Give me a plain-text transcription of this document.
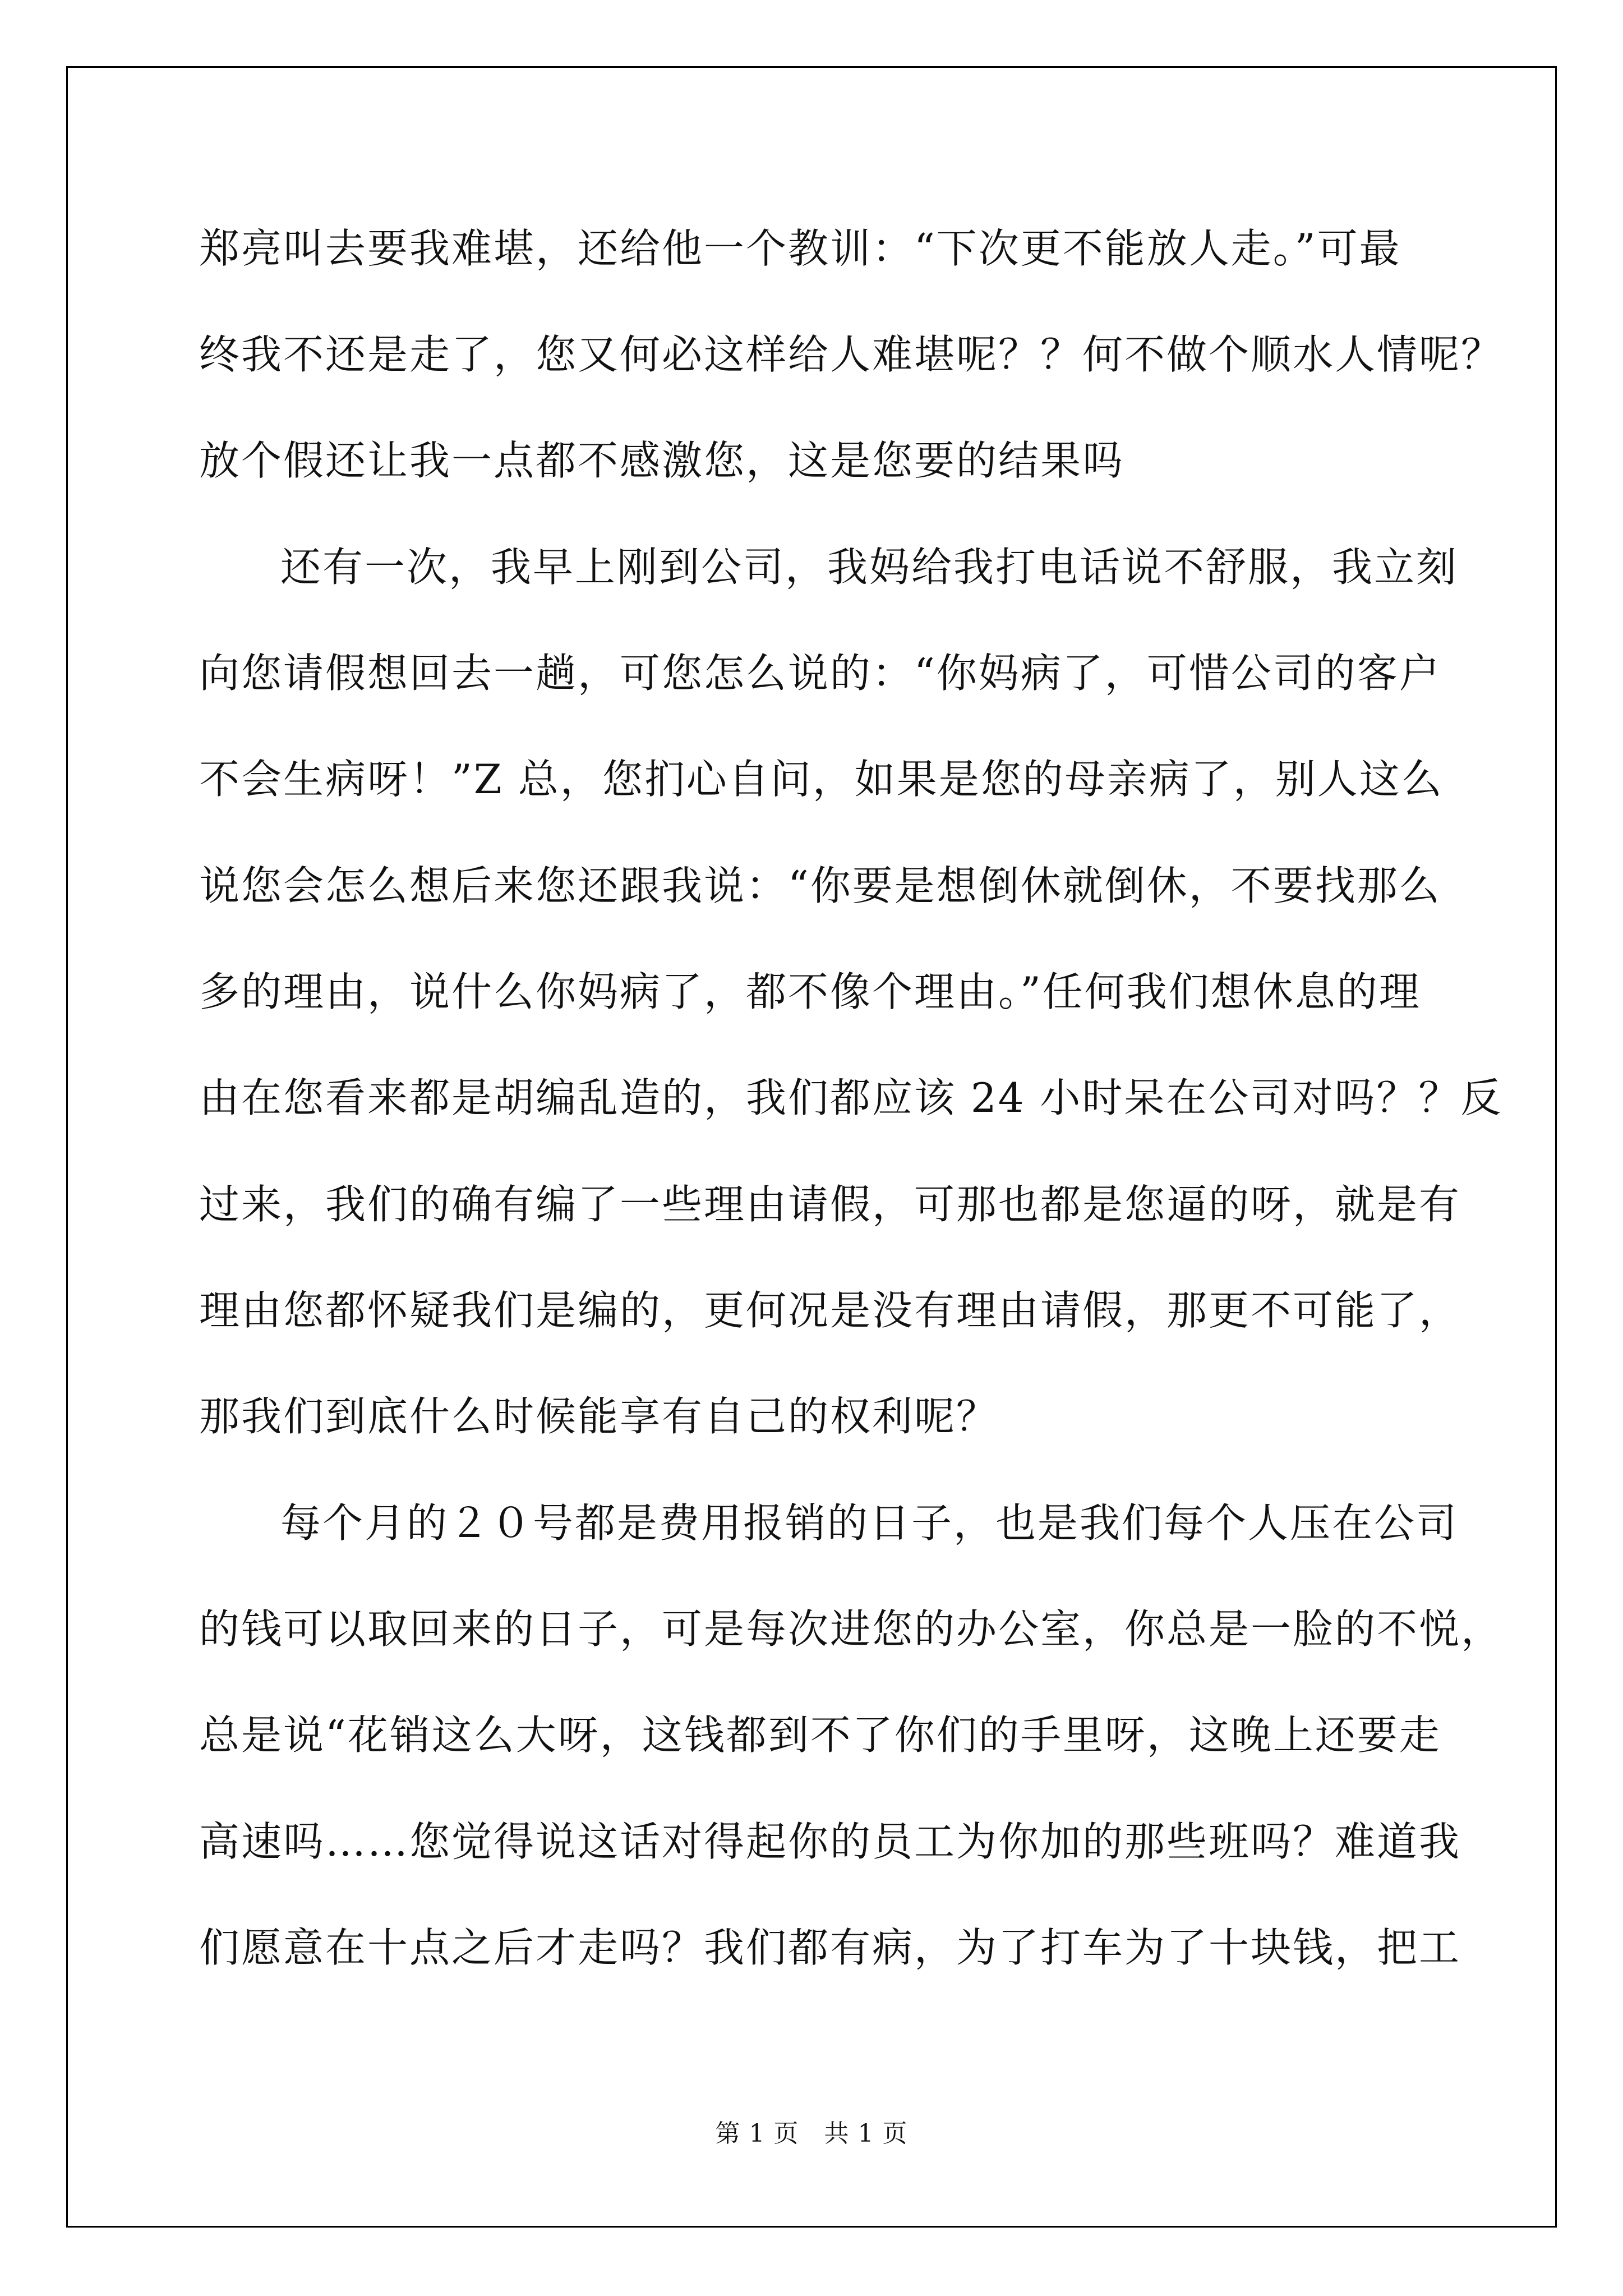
郑亮叫去要我难堪，还给他一个教训：“下次更不能放人走。”可最
终我不还是走了，您又何必这样给人难堪呢？？何不做个顺水人情呢？
放个假还让我一点都不感激您，这是您要的结果吗
还有一次，我早上刚到公司，我妈给我打电话说不舒服，我立刻
向您请假想回去一趟，可您怎么说的：“你妈病了，可惜公司的客户
不会生病呀！”Z 总，您扪心自问，如果是您的母亲病了，别人这么
说您会怎么想后来您还跟我说：“你要是想倒休就倒休，不要找那么
多的理由，说什么你妈病了，都不像个理由。”任何我们想休息的理
由在您看来都是胡编乱造的，我们都应该 24 小时呆在公司对吗？？反
过来，我们的确有编了一些理由请假，可那也都是您逼的呀，就是有
理由您都怀疑我们是编的，更何况是没有理由请假，那更不可能了，
那我们到底什么时候能享有自己的权利呢？
每个月的２０号都是费用报销的日子，也是我们每个人压在公司
的钱可以取回来的日子，可是每次进您的办公室，你总是一脸的不悦，
总是说“花销这么大呀，这钱都到不了你们的手里呀，这晚上还要走
高速吗……您觉得说这话对得起你的员工为你加的那些班吗？难道我
们愿意在十点之后才走吗？我们都有病，为了打车为了十块钱，把工
第 1 页　共 1 页
